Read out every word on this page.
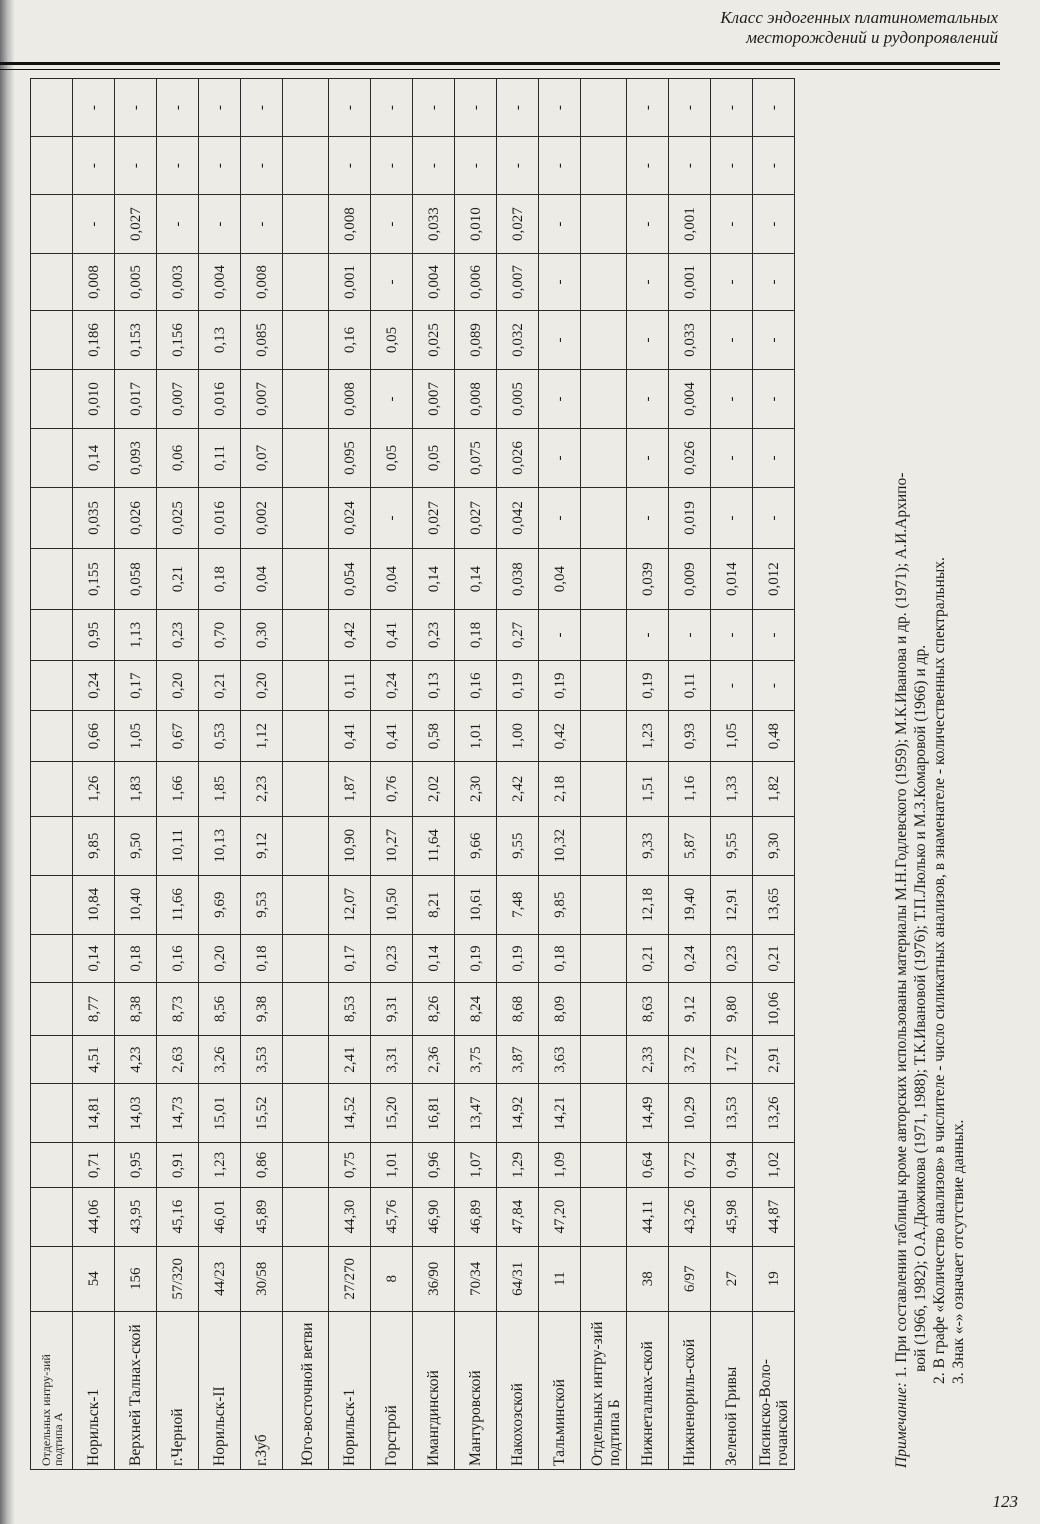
Класс эндогенных платинометальных
месторождений и рудопроявлений
Отдельных интру-зий подтипа А																						
Норильск-1	54	44,06	0,71	14,81	4,51	8,77	0,14	10,84	9,85	1,26	0,66	0,24	0,95	0,155	0,035	0,14	0,010	0,186	0,008	-	-	-
Верхней Талнах-ской	156	43,95	0,95	14,03	4,23	8,38	0,18	10,40	9,50	1,83	1,05	0,17	1,13	0,058	0,026	0,093	0,017	0,153	0,005	0,027	-	-
г.Черной	57/320	45,16	0,91	14,73	2,63	8,73	0,16	11,66	10,11	1,66	0,67	0,20	0,23	0,21	0,025	0,06	0,007	0,156	0,003	-	-	-
Норильск-II	44/23	46,01	1,23	15,01	3,26	8,56	0,20	9,69	10,13	1,85	0,53	0,21	0,70	0,18	0,016	0,11	0,016	0,13	0,004	-	-	-
г.Зуб	30/58	45,89	0,86	15,52	3,53	9,38	0,18	9,53	9,12	2,23	1,12	0,20	0,30	0,04	0,002	0,07	0,007	0,085	0,008	-	-	-
Юго-восточной ветви																						
Норильск-1	27/270	44,30	0,75	14,52	2,41	8,53	0,17	12,07	10,90	1,87	0,41	0,11	0,42	0,054	0,024	0,095	0,008	0,16	0,001	0,008	-	-
Горстрой	8	45,76	1,01	15,20	3,31	9,31	0,23	10,50	10,27	0,76	0,41	0,24	0,41	0,04	-	0,05	-	0,05	-	-	-	-
Имангдинской	36/90	46,90	0,96	16,81	2,36	8,26	0,14	8,21	11,64	2,02	0,58	0,13	0,23	0,14	0,027	0,05	0,007	0,025	0,004	0,033	-	-
Мантуровской	70/34	46,89	1,07	13,47	3,75	8,24	0,19	10,61	9,66	2,30	1,01	0,16	0,18	0,14	0,027	0,075	0,008	0,089	0,006	0,010	-	-
Накохозской	64/31	47,84	1,29	14,92	3,87	8,68	0,19	7,48	9,55	2,42	1,00	0,19	0,27	0,038	0,042	0,026	0,005	0,032	0,007	0,027	-	-
Тальминской	11	47,20	1,09	14,21	3,63	8,09	0,18	9,85	10,32	2,18	0,42	0,19	-	0,04	-	-	-	-	-	-	-	-
Отдельных интру-зий подтипа Б																						
Нижнеталнах-ской	38	44,11	0,64	14,49	2,33	8,63	0,21	12,18	9,33	1,51	1,23	0,19	-	0,039	-	-	-	-	-	-	-	-
Нижненориль-ской	6/97	43,26	0,72	10,29	3,72	9,12	0,24	19,40	5,87	1,16	0,93	0,11	-	0,009	0,019	0,026	0,004	0,033	0,001	0,001	-	-
Зеленой Гривы	27	45,98	0,94	13,53	1,72	9,80	0,23	12,91	9,55	1,33	1,05	-	-	0,014	-	-	-	-	-	-	-	-
Пясинско-Воло-гочанской	19	44,87	1,02	13,26	2,91	10,06	0,21	13,65	9,30	1,82	0,48	-	-	0,012	-	-	-	-	-	-	-	-

Примечание: 1. При составлении таблицы кроме авторских использованы материалы М.Н.Годлевского (1959); М.К.Иванова и др. (1971); А.И.Архипо- вой (1966, 1982); О.А.Дюжикова (1971, 1988); Т.К.Ивановой (1976); Т.П.Люлько и М.З.Комаровой (1966) и др. 2. В графе «Количество анализов» в числителе - число силикатных анализов, в знаменателе - количественных спектральных. 3. Знак «-» означает отсутствие данных.

123
